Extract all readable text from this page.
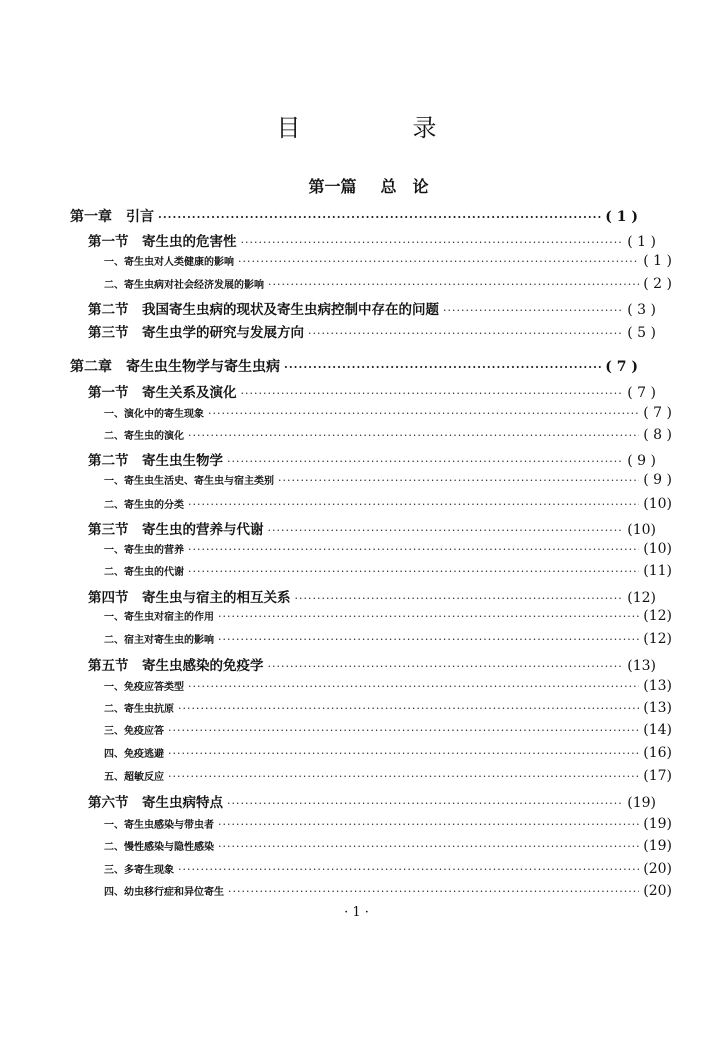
目　录
第一篇 总　论
第一章　引言 ·····	( 1 )
第一节　寄生虫的危害性 ·····	( 1 )
一、寄生虫对人类健康的影响 ·····	( 1 )
二、寄生虫病对社会经济发展的影响 ·····	( 2 )
第二节　我国寄生虫病的现状及寄生虫病控制中存在的问题 ·····	( 3 )
第三节　寄生虫学的研究与发展方向 ·····	( 5 )
第二章　寄生虫生物学与寄生虫病 ·····	( 7 )
第一节　寄生关系及演化 ·····	( 7 )
一、演化中的寄生现象 ·····	( 7 )
二、寄生虫的演化 ·····	( 8 )
第二节　寄生虫生物学 ·····	( 9 )
一、寄生虫生活史、寄生虫与宿主类别 ·····	( 9 )
二、寄生虫的分类 ·····	(10)
第三节　寄生虫的营养与代谢 ·····	(10)
一、寄生虫的营养 ·····	(10)
二、寄生虫的代谢 ·····	(11)
第四节　寄生虫与宿主的相互关系 ·····	(12)
一、寄生虫对宿主的作用 ·····	(12)
二、宿主对寄生虫的影响 ·····	(12)
第五节　寄生虫感染的免疫学 ·····	(13)
一、免疫应答类型 ·····	(13)
二、寄生虫抗原 ·····	(13)
三、免疫应答 ·····	(14)
四、免疫逃避 ·····	(16)
五、超敏反应 ·····	(17)
第六节　寄生虫病特点 ·····	(19)
一、寄生虫感染与带虫者 ·····	(19)
二、慢性感染与隐性感染 ·····	(19)
三、多寄生现象 ·····	(20)
四、幼虫移行症和异位寄生 ·····	(20)
· 1 ·
